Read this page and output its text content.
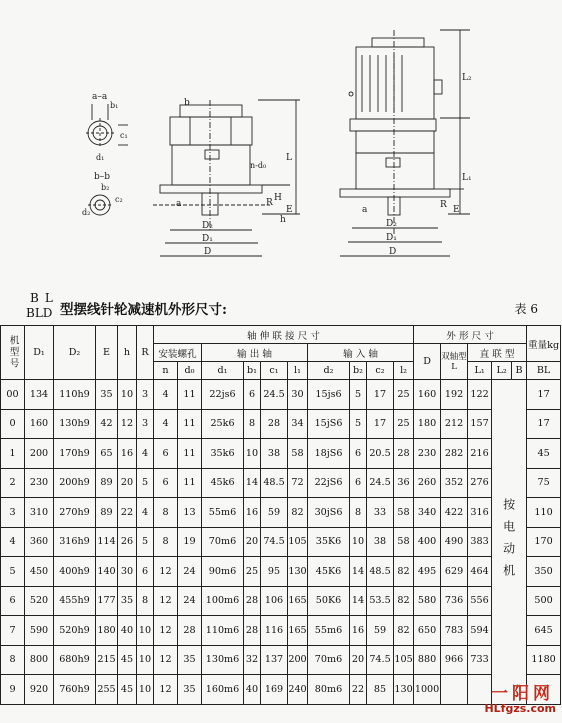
a–a
b₁
c₁
d₁
b–b
b₂
c₂
d₂
b
n-d₀
L
H
R
E
h
a
D₂
D₁
D
L₂
L₁
R E
a
D₂
D₁
D
BL
BLD 型摆线针轮减速机外形尺寸:	表 6
机型号	D₁	D₂	E	h	R	轴 伸 联 接 尺 寸										外 形 尺 寸					重量kg
						安装螺孔		输 出 轴				输 入 轴				D	双轴型 L	直 联 型			
						n	d₀	d₁	b₁	c₁	l₁	d₂	b₂	c₂	l₂			L₁	L₂	B	BL
00	134	110h9	35	10	3	4	11	22js6	6	24.5	30	15js6	5	17	25	160	192	122	按电动机		17
0	160	130h9	42	12	3	4	11	25k6	8	28	34	15jS6	5	17	25	180	212	157			17
1	200	170h9	65	16	4	6	11	35k6	10	38	58	18jS6	6	20.5	28	230	282	216			45
2	230	200h9	89	20	5	6	11	45k6	14	48.5	72	22jS6	6	24.5	36	260	352	276			75
3	310	270h9	89	22	4	8	13	55m6	16	59	82	30jS6	8	33	58	340	422	316			110
4	360	316h9	114	26	5	8	19	70m6	20	74.5	105	35K6	10	38	58	400	490	383			170
5	450	400h9	140	30	6	12	24	90m6	25	95	130	45K6	14	48.5	82	495	629	464			350
6	520	455h9	177	35	8	12	24	100m6	28	106	165	50K6	14	53.5	82	580	736	556			500
7	590	520h9	180	40	10	12	28	110m6	28	116	165	55m6	16	59	82	650	783	594			645
8	800	680h9	215	45	10	12	35	130m6	32	137	200	70m6	20	74.5	105	880	966	733			1180
9	920	760h9	255	45	10	12	35	160m6	40	169	240	80m6	22	85	130	1000						一阳网
HLfgzs.com
